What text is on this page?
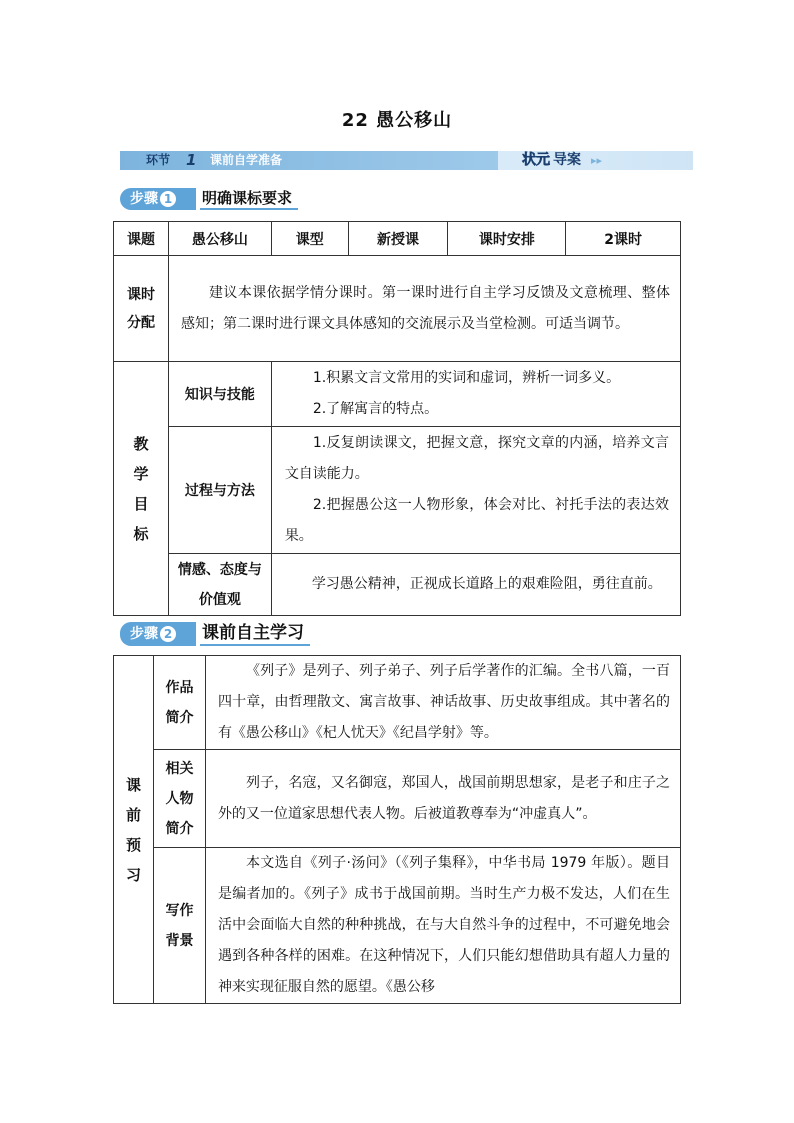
22 愚公移山
环节 1 课前自学准备	状元 导案 ▸▸
步骤 1	明确课标要求
课题	愚公移山	课型	新授课	课时安排	2课时
课时分配	建议本课依据学情分课时。第一课时进行自主学习反馈及文意梳理、整体感知；第二课时进行课文具体感知的交流展示及当堂检测。可适当调节。				
教学目标	知识与技能	1.积累文言文常用的实词和虚词，辨析一词多义。
2.了解寓言的特点。			

	过程与方法	1.反复朗读课文，把握文意，探究文章的内涵，培养文言文自读能力。
2.把握愚公这一人物形象，体会对比、衬托手法的表达效果。			

	情感、态度与价值观	学习愚公精神，正视成长道路上的艰难险阻，勇往直前。			
步骤 2	课前自主学习
课前预习	作品简介	《列子》是列子、列子弟子、列子后学著作的汇编。全书八篇，一百四十章，由哲理散文、寓言故事、神话故事、历史故事组成。其中著名的有《愚公移山》《杞人忧天》《纪昌学射》等。
	相关人物简介	列子，名寇，又名御寇，郑国人，战国前期思想家，是老子和庄子之外的又一位道家思想代表人物。后被道教尊奉为“冲虚真人”。
	写作背景	本文选自《列子·汤问》（《列子集释》，中华书局 1979 年版）。题目是编者加的。《列子》成书于战国前期。当时生产力极不发达，人们在生活中会面临大自然的种种挑战，在与大自然斗争的过程中，不可避免地会遇到各种各样的困难。在这种情况下，人们只能幻想借助具有超人力量的神来实现征服自然的愿望。《愚公移
